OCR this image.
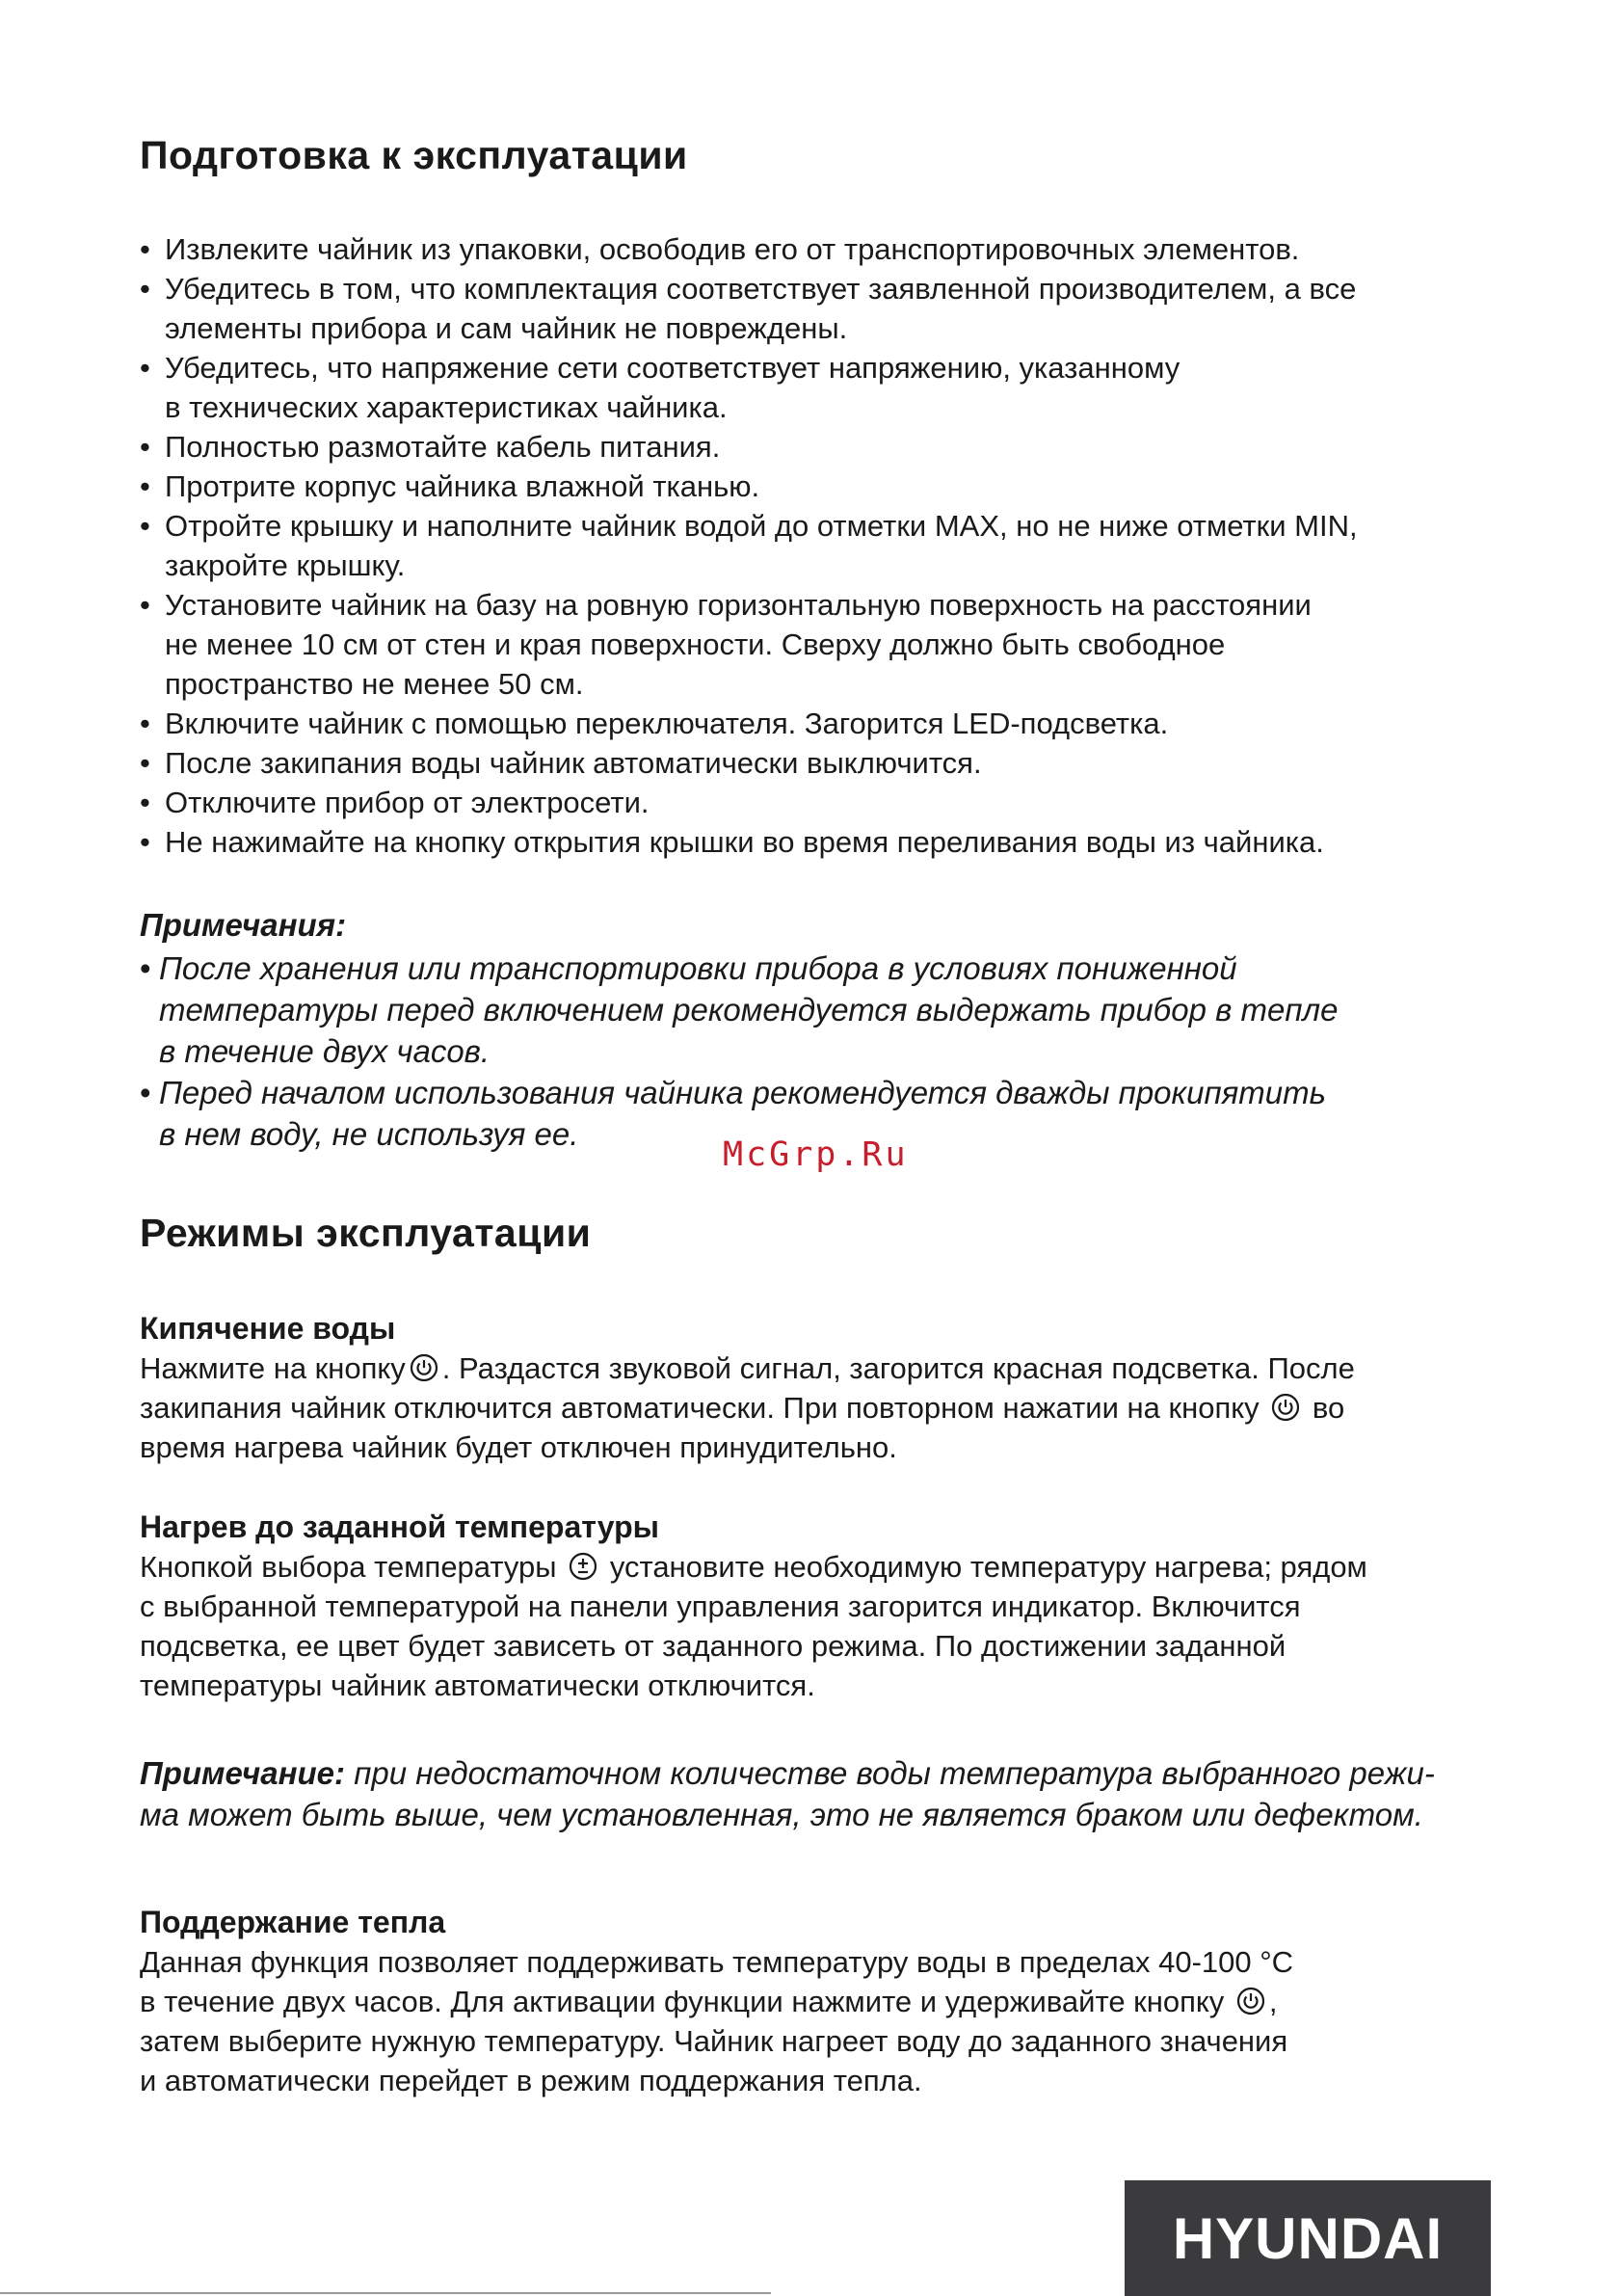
Подготовка к эксплуатации
• Извлеките чайник из упаковки, освободив его от транспортировочных элементов.
• Убедитесь в том, что комплектация соответствует заявленной производителем, а все
элементы прибора и сам чайник не повреждены.
• Убедитесь, что напряжение сети соответствует напряжению, указанному
в технических характеристиках чайника.
• Полностью размотайте кабель питания.
• Протрите корпус чайника влажной тканью.
• Отройте крышку и наполните чайник водой до отметки MAX, но не ниже отметки MIN,
закройте крышку.
• Установите чайник на базу на ровную горизонтальную поверхность на расстоянии
не менее 10 см от стен и края поверхности. Сверху должно быть свободное
пространство не менее 50 см.
• Включите чайник с помощью переключателя. Загорится LED-подсветка.
• После закипания воды чайник автоматически выключится.
• Отключите прибор от электросети.
• Не нажимайте на кнопку открытия крышки во время переливания воды из чайника.
Примечания:
• После хранения или транспортировки прибора в условиях пониженной
температуры перед включением рекомендуется выдержать прибор в тепле
в течение двух часов.
• Перед началом использования чайника рекомендуется дважды прокипятить
в нем воду, не используя ее.
McGrp.Ru
Режимы эксплуатации
Кипячение воды

Нажмите на кнопку . Раздастся звуковой сигнал, загорится красная подсветка. После
закипания чайник отключится автоматически. При повторном нажатии на кнопку  во
время нагрева чайник будет отключен принудительно.

Нагрев до заданной температуры

Кнопкой выбора температуры  установите необходимую температуру нагрева; рядом
с выбранной температурой на панели управления загорится индикатор. Включится
подсветка, ее цвет будет зависеть от заданного режима. По достижении заданной
температуры чайник автоматически отключится.

Примечание: при недостаточном количестве воды температура выбранного режи-
ма может быть выше, чем установленная, это не является браком или дефектом.

Поддержание тепла

Данная функция позволяет поддерживать температуру воды в пределах 40-100 °C
в течение двух часов. Для активации функции нажмите и удерживайте кнопку ,
затем выберите нужную температуру. Чайник нагреет воду до заданного значения
и автоматически перейдет в режим поддержания тепла.

HYUNDAI
